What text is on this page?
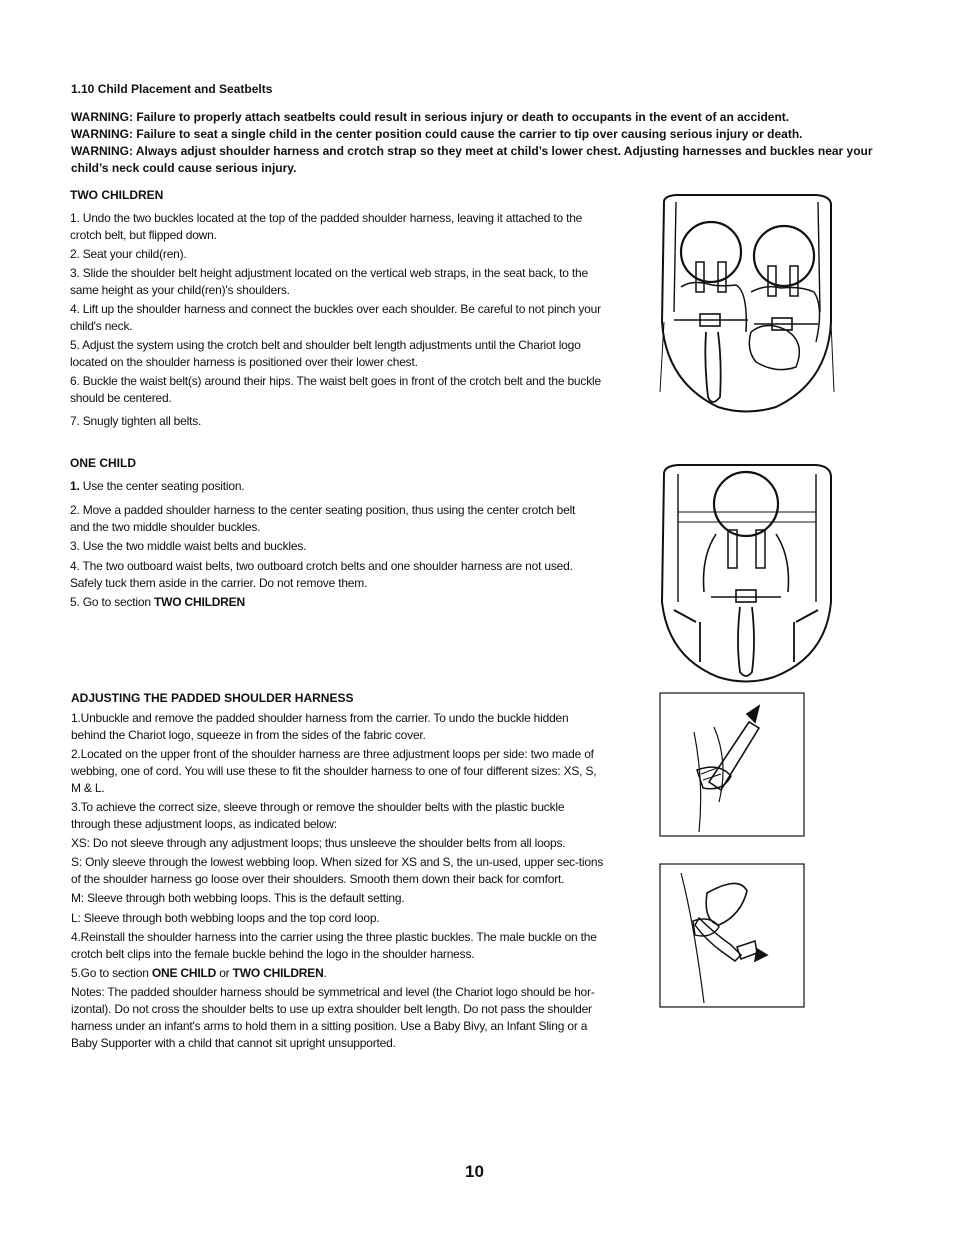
1.10 Child Placement and Seatbelts
WARNING: Failure to properly attach seatbelts could result in serious injury or death to occupants in the event of an accident.
WARNING: Failure to seat a single child in the center position could cause the carrier to tip over causing serious injury or death.
WARNING: Always adjust shoulder harness and crotch strap so they meet at child’s lower chest. Adjusting harnesses and buckles near your child’s neck could cause serious injury.
TWO CHILDREN
1. Undo the two buckles located at the top of the padded shoulder harness, leaving it attached to the crotch belt, but flipped down.
2. Seat your child(ren).
3. Slide the shoulder belt height adjustment located on the vertical web straps, in the seat back, to the same height as your child(ren)'s shoulders.
4. Lift up the shoulder harness and connect the buckles over each shoulder. Be careful to not pinch your child's neck.
5. Adjust the system using the crotch belt and shoulder belt length adjustments until the Chariot logo located on the shoulder harness is positioned over their lower chest.
6. Buckle the waist belt(s) around their hips. The waist belt goes in front of the crotch belt and the buckle should be centered.
7. Snugly tighten all belts.
ONE CHILD
1. Use the center seating position.
2. Move a padded shoulder harness to the center seating position, thus using the center crotch belt and the two middle shoulder buckles.
3. Use the two middle waist belts and buckles.
4. The two outboard waist belts, two outboard crotch belts and one shoulder harness are not used. Safely tuck them aside in the carrier. Do not remove them.
5. Go to section TWO CHILDREN
ADJUSTING THE PADDED SHOULDER HARNESS
1.Unbuckle and remove the padded shoulder harness from the carrier. To undo the buckle hidden behind the Chariot logo, squeeze in from the sides of the fabric cover.
2.Located on the upper front of the shoulder harness are three adjustment loops per side: two made of webbing, one of cord. You will use these to fit the shoulder harness to one of four different sizes: XS, S, M & L.
3.To achieve the correct size, sleeve through or remove the shoulder belts with the plastic buckle through these adjustment loops, as indicated below:
XS: Do not sleeve through any adjustment loops; thus unsleeve the shoulder belts from all loops.
S: Only sleeve through the lowest webbing loop. When sized for XS and S, the un-used, upper sec-tions of the shoulder harness go loose over their shoulders. Smooth them down their back for comfort.
M: Sleeve through both webbing loops. This is the default setting.
L: Sleeve through both webbing loops and the top cord loop.
4.Reinstall the shoulder harness into the carrier using the three plastic buckles. The male buckle on the crotch belt clips into the female buckle behind the logo in the shoulder harness.
5.Go to section ONE CHILD or TWO CHILDREN.
Notes: The padded shoulder harness should be symmetrical and level (the Chariot logo should be hor-izontal). Do not cross the shoulder belts to use up extra shoulder belt length. Do not pass the shoulder harness under an infant's arms to hold them in a sitting position. Use a Baby Bivy, an Infant Sling or a Baby Supporter with a child that cannot sit upright unsupported.
10
